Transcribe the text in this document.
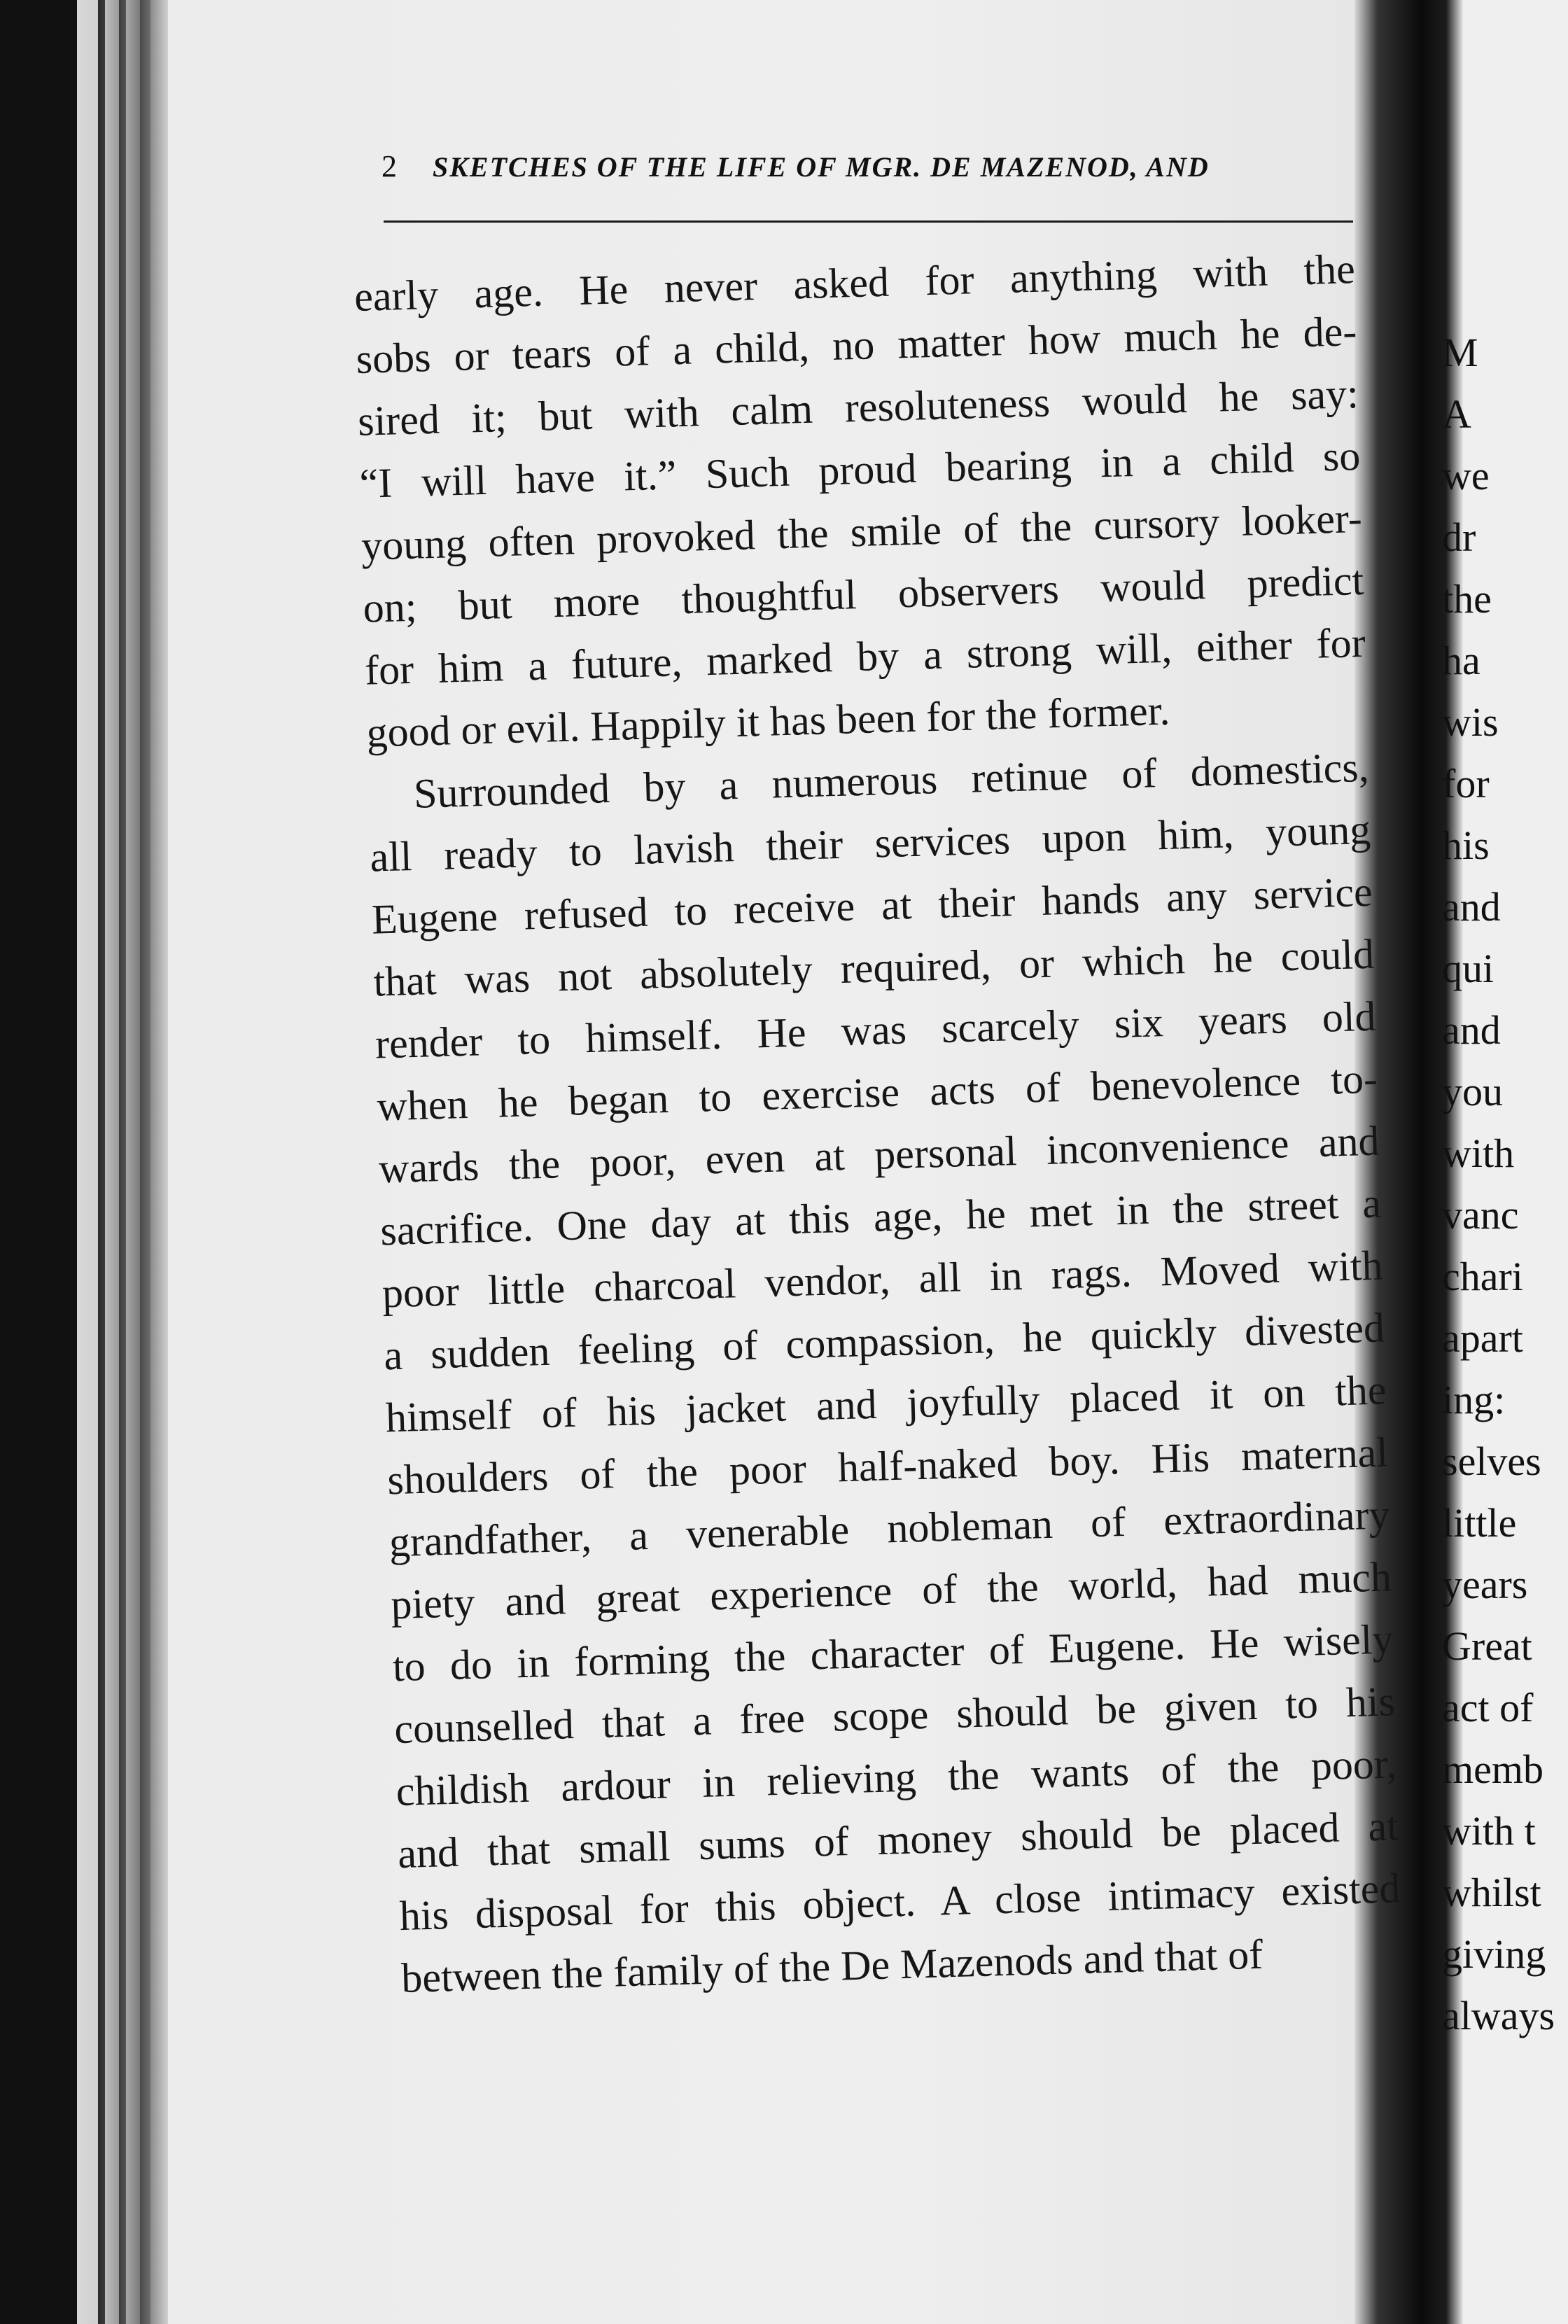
M
A
we
dr
the
ha
wis
for
his
and
qui
and
you
with
vanc
chari
apart
ing:
selves
little
years
Great
act of
memb
with t
whilst
giving
always
2 SKETCHES OF THE LIFE OF MGR. DE MAZENOD, AND

early age. He never asked for anything with the
sobs or tears of a child, no matter how much he de-
sired it; but with calm resoluteness would he say:
“I will have it.” Such proud bearing in a child so
young often provoked the smile of the cursory looker-
on; but more thoughtful observers would predict
for him a future, marked by a strong will, either for
good or evil. Happily it has been for the former.

Surrounded by a numerous retinue of domestics,
all ready to lavish their services upon him, young
Eugene refused to receive at their hands any service
that was not absolutely required, or which he could
render to himself. He was scarcely six years old
when he began to exercise acts of benevolence to-
wards the poor, even at personal inconvenience and
sacrifice. One day at this age, he met in the street a
poor little charcoal vendor, all in rags. Moved with
a sudden feeling of compassion, he quickly divested
himself of his jacket and joyfully placed it on the
shoulders of the poor half-naked boy. His maternal
grandfather, a venerable nobleman of extraordinary
piety and great experience of the world, had much
to do in forming the character of Eugene. He wisely
counselled that a free scope should be given to his
childish ardour in relieving the wants of the poor,
and that small sums of money should be placed at
his disposal for this object. A close intimacy existed
between the family of the De Mazenods and that of
